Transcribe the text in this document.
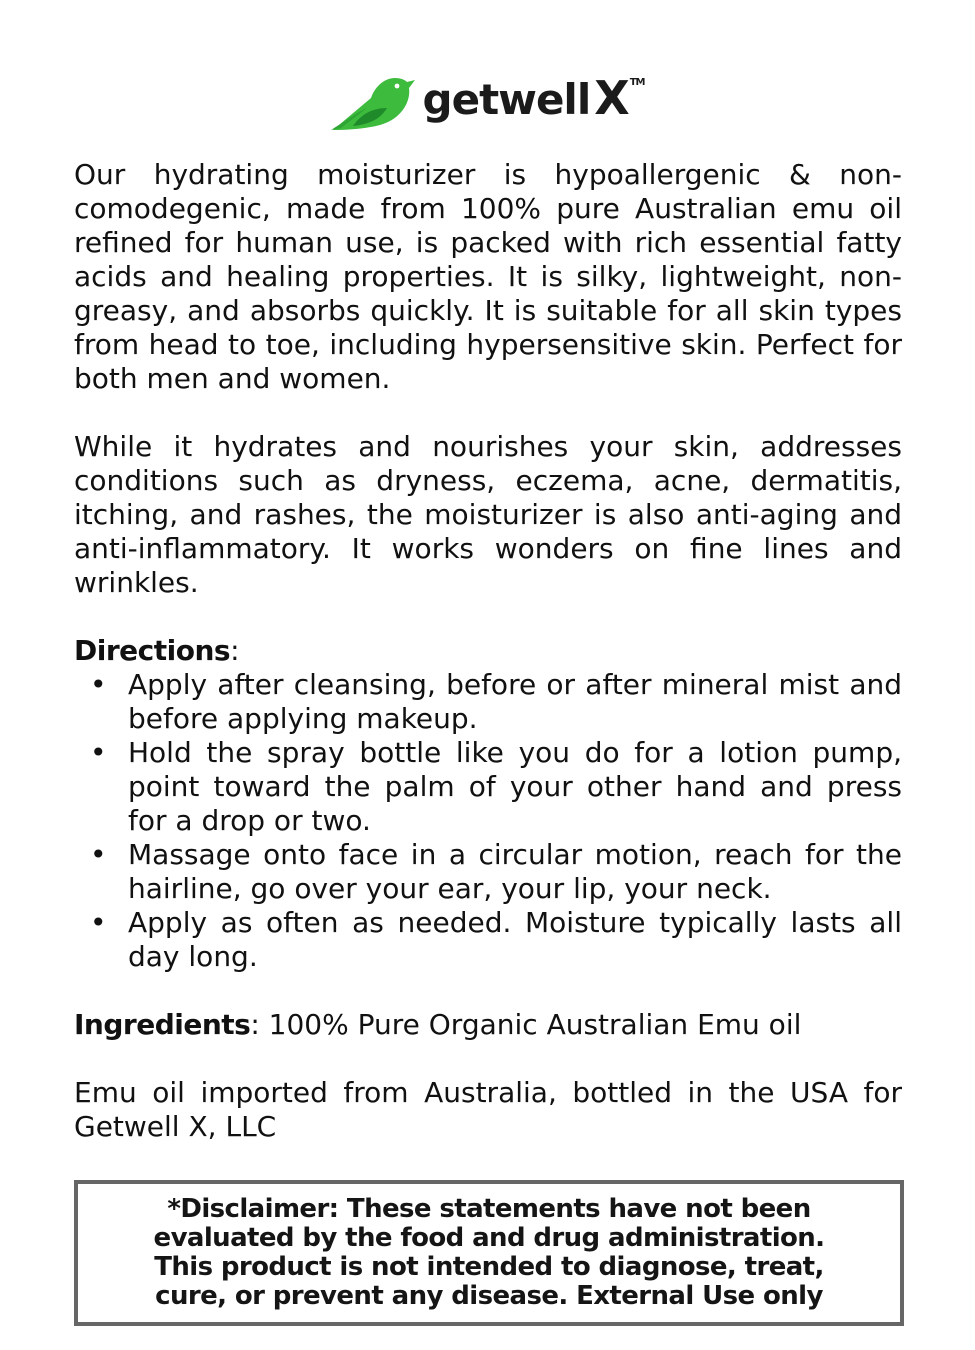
getwellX™

Our hydrating moisturizer is hypoallergenic & non-comodegenic, made from 100% pure Australian emu oil refined for human use, is packed with rich essential fatty acids and healing properties. It is silky, lightweight, non-greasy, and absorbs quickly. It is suitable for all skin types from head to toe, including hypersensitive skin. Perfect for both men and women.

While it hydrates and nourishes your skin, addresses conditions such as dryness, eczema, acne, dermatitis, itching, and rashes, the moisturizer is also anti-aging and anti-inflammatory. It works wonders on fine lines and wrinkles.

Directions:

• Apply after cleansing, before or after mineral mist and before applying makeup.
• Hold the spray bottle like you do for a lotion pump, point toward the palm of your other hand and press for a drop or two.
• Massage onto face in a circular motion, reach for the hairline, go over your ear, your lip, your neck.
• Apply as often as needed. Moisture typically lasts all day long.

Ingredients: 100% Pure Organic Australian Emu oil

Emu oil imported from Australia, bottled in the USA for Getwell X, LLC

*Disclaimer: These statements have not been
evaluated by the food and drug administration.
This product is not intended to diagnose, treat,
cure, or prevent any disease. External Use only
